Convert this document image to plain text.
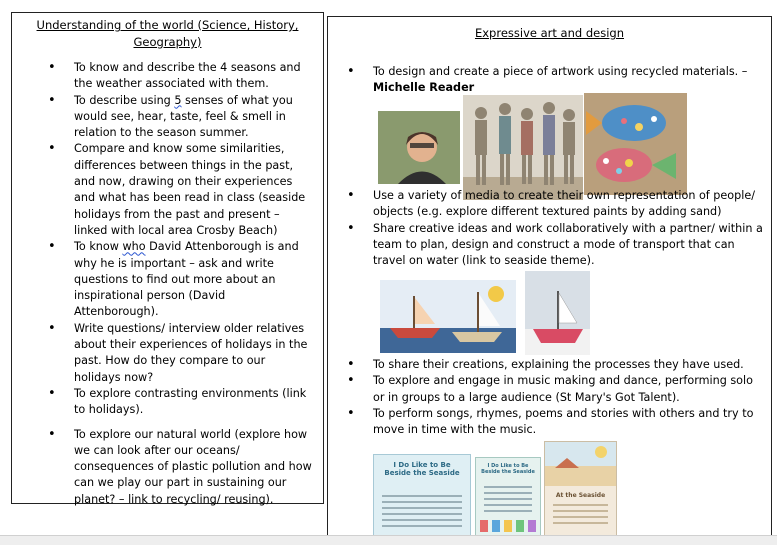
Understanding of the world (Science, History, Geography)
• To know and describe the 4 seasons and the weather associated with them.
• To describe using 5 senses of what you would see, hear, taste, feel & smell in relation to the season summer.
• Compare and know some similarities, differences between things in the past, and now, drawing on their experiences and what has been read in class (seaside holidays from the past and present – linked with local area Crosby Beach)
• To know who David Attenborough is and why he is important – ask and write questions to find out more about an inspirational person (David Attenborough).
• Write questions/ interview older relatives about their experiences of holidays in the past. How do they compare to our holidays now?
• To explore contrasting environments (link to holidays).
• To explore our natural world (explore how we can look after our oceans/ consequences of plastic pollution and how can we play our part in sustaining our planet? – link to recycling/ reusing).
Expressive art and design
• To design and create a piece of artwork using recycled materials. –
Michelle Reader
• Use a variety of media to create their own representation of people/ objects (e.g. explore different textured paints by adding sand)
• Share creative ideas and work collaboratively with a partner/ within a team to plan, design and construct a mode of transport that can travel on water (link to seaside theme).
• To share their creations, explaining the processes they have used.
• To explore and engage in music making and dance, performing solo or in groups to a large audience (St Mary's Got Talent).
• To perform songs, rhymes, poems and stories with others and try to move in time with the music.
I Do Like to Be Beside the Seaside
I Do Like to Be Beside the Seaside
At the Seaside
